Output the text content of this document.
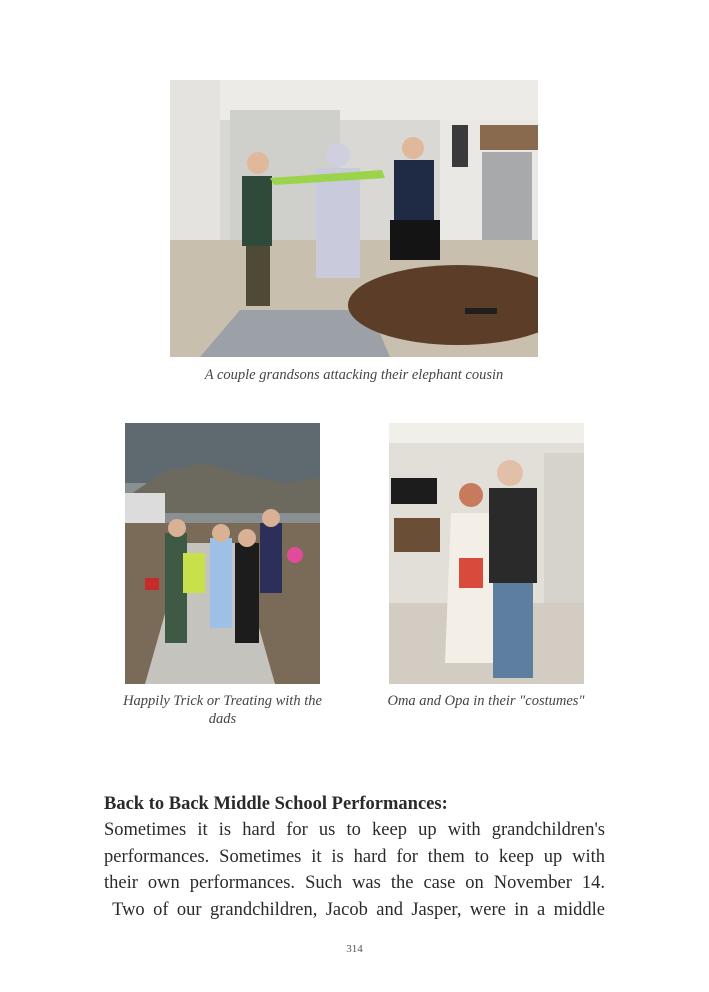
A couple grandsons attacking their elephant cousin
Happily Trick or Treating with the dads
Oma and Opa in their "costumes"
Back to Back Middle School Performances:
Sometimes it is hard for us to keep up with grandchildren's
performances. Sometimes it is hard for them to keep up with
their own performances. Such was the case on November 14.
Two of our grandchildren, Jacob and Jasper, were in a middle
314
